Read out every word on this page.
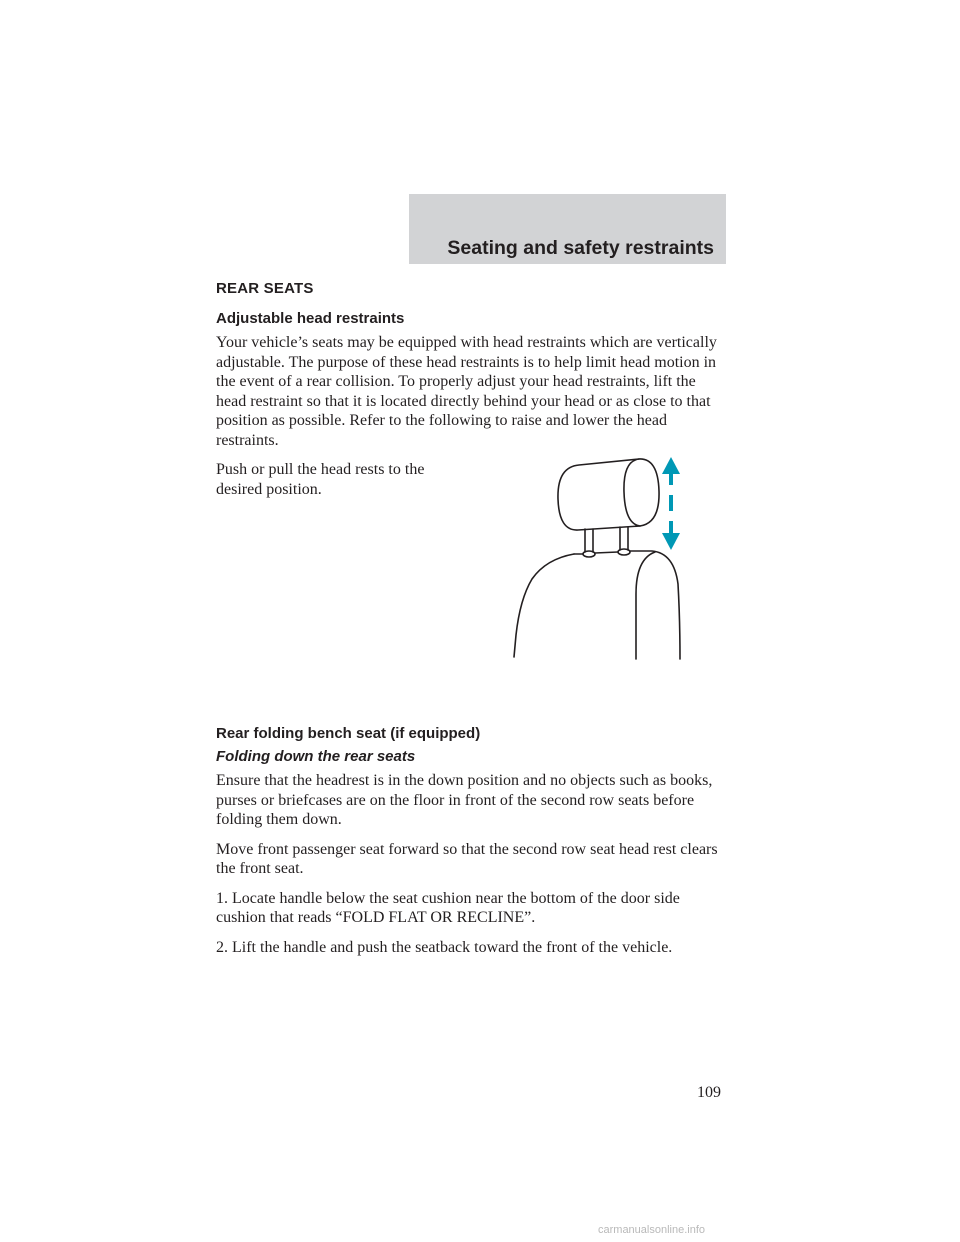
Seating and safety restraints
REAR SEATS
Adjustable head restraints

Your vehicle’s seats may be equipped with head restraints which are vertically adjustable. The purpose of these head restraints is to help limit head motion in the event of a rear collision. To properly adjust your head restraints, lift the head restraint so that it is located directly behind your head or as close to that position as possible. Refer to the following to raise and lower the head restraints.

Push or pull the head rests to the desired position.

Rear folding bench seat (if equipped)
Folding down the rear seats

Ensure that the headrest is in the down position and no objects such as books, purses or briefcases are on the floor in front of the second row seats before folding them down.

Move front passenger seat forward so that the second row seat head rest clears the front seat.

1. Locate handle below the seat cushion near the bottom of the door side cushion that reads “FOLD FLAT OR RECLINE”.

2. Lift the handle and push the seatback toward the front of the vehicle.

109
carmanualsonline.info
